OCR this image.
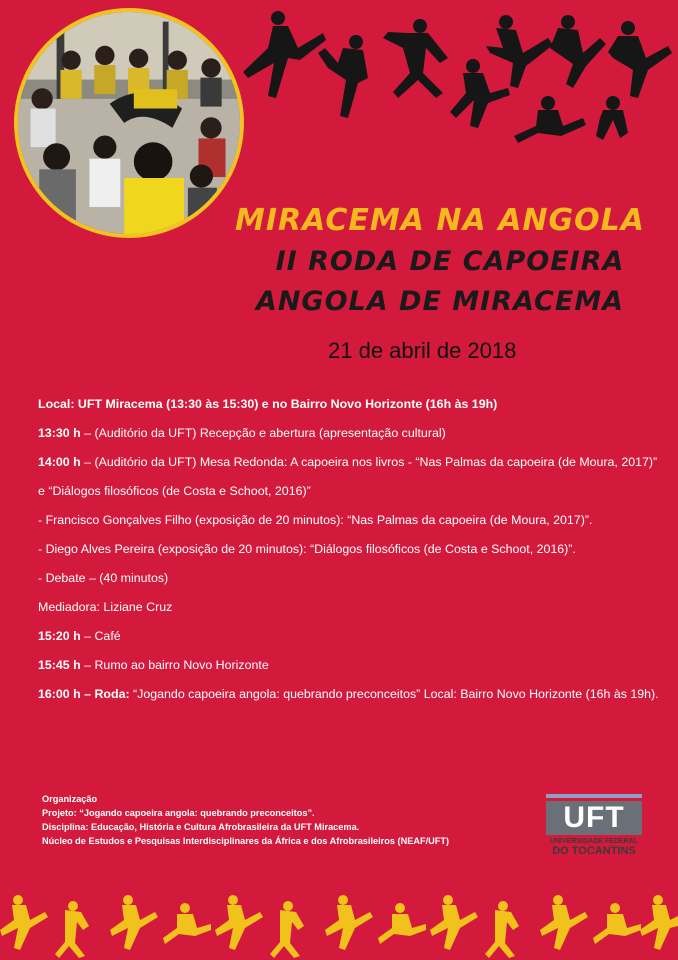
MIRACEMA NA ANGOLA
II RODA DE CAPOEIRA
ANGOLA DE MIRACEMA
21 de abril de 2018
Local: UFT Miracema (13:30 às 15:30) e no Bairro Novo Horizonte (16h às 19h)
13:30 h – (Auditório da UFT) Recepção e abertura (apresentação cultural)
14:00 h – (Auditório da UFT) Mesa Redonda: A capoeira nos livros - “Nas Palmas da capoeira (de Moura, 2017)”
e “Diálogos filosóficos (de Costa e Schoot, 2016)”
- Francisco Gonçalves Filho (exposição de 20 minutos): “Nas Palmas da capoeira (de Moura, 2017)”.
- Diego Alves Pereira (exposição de 20 minutos): “Diálogos filosóficos (de Costa e Schoot, 2016)”.
- Debate – (40 minutos)
Mediadora: Liziane Cruz
15:20 h – Café
15:45 h – Rumo ao bairro Novo Horizonte
16:00 h – Roda: “Jogando capoeira angola: quebrando preconceitos” Local: Bairro Novo Horizonte (16h às 19h).
Organização
Projeto: “Jogando capoeira angola: quebrando preconceitos”.
Disciplina: Educação, História e Cultura Afrobrasileira da UFT Miracema.
Núcleo de Estudos e Pesquisas Interdisciplinares da África e dos Afrobrasileiros (NEAF/UFT)
UFT
UNIVERSIDADE FEDERAL
DO TOCANTINS
